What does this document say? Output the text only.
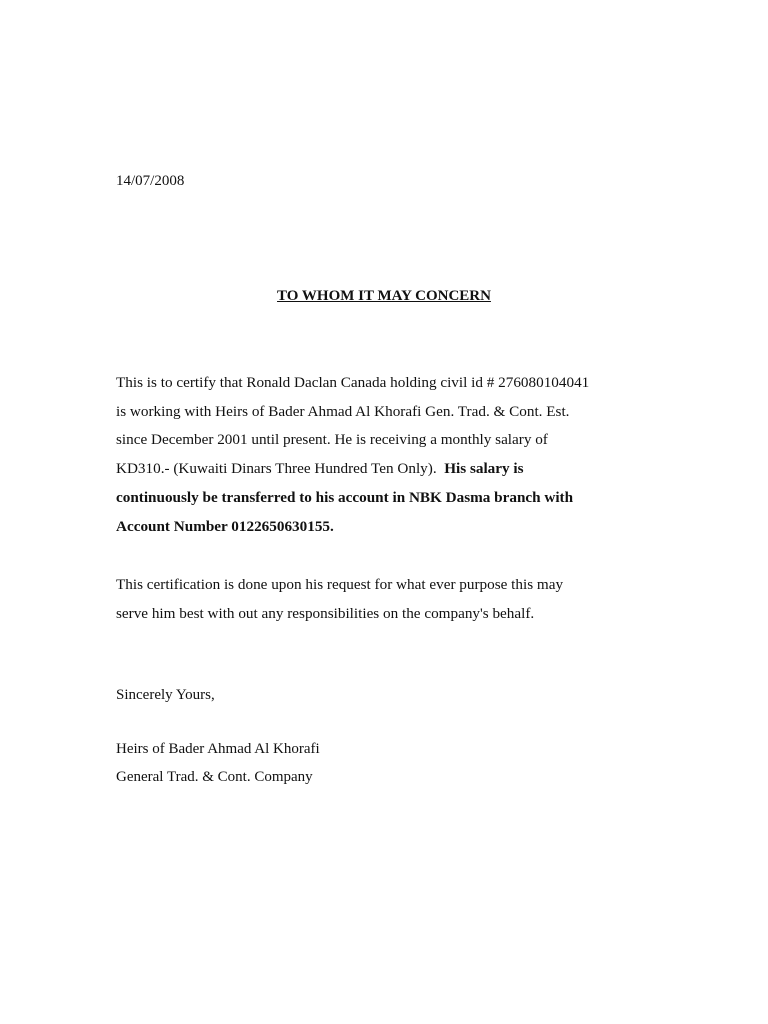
14/07/2008
TO WHOM IT MAY CONCERN
This is to certify that Ronald Daclan Canada holding civil id # 276080104041
is working with Heirs of Bader Ahmad Al Khorafi Gen. Trad. & Cont. Est.
since December 2001 until present. He is receiving a monthly salary of
KD310.- (Kuwaiti Dinars Three Hundred Ten Only).  His salary is
continuously be transferred to his account in NBK Dasma branch with
Account Number 0122650630155.
This certification is done upon his request for what ever purpose this may
serve him best with out any responsibilities on the company's behalf.
Sincerely Yours,
Heirs of Bader Ahmad Al Khorafi
General Trad. & Cont. Company
